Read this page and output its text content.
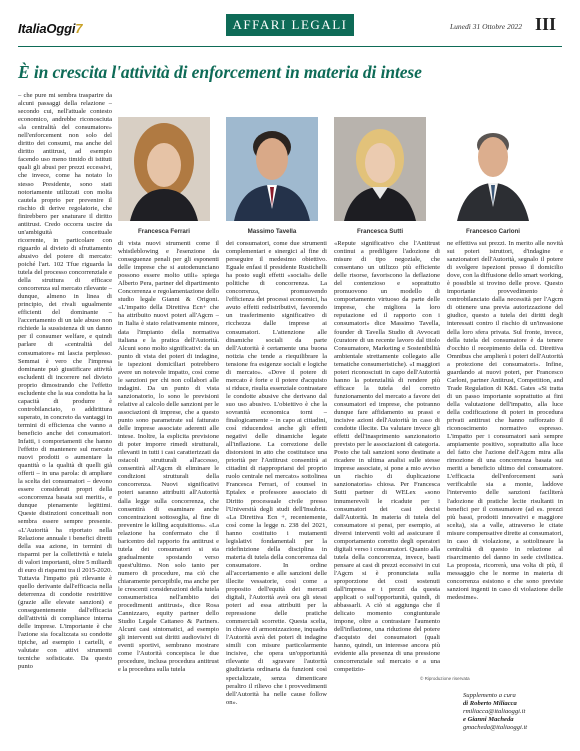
ItaliaOggi7	AFFARI LEGALI	Lunedì 31 Ottobre 2022 III
È in crescita l'attività di enforcement in materia di intese
Francesca Ferrari	Massimo Tavella	Francesca Sutti	Francesco Carloni

– che pure mi sembra trasparire da alcuni passaggi della relazione – secondo cui, nell'attuale contesto economico, andrebbe riconosciuta «la centralità del consumatore» nell'enforcement non solo del diritto dei consumi, ma anche del diritto antitrust, ad esempio facendo uso meno timido di istituti quali gli abusi per prezzi eccessivi, che invece, come ha notato lo stesso Presidente, sono stati notoriamente utilizzati con molta cautela proprio per prevenire il rischio di derive regolatorie, che finirebbero per snaturare il diritto antitrust. Credo occorra uscire da un'ambiguità concettuale ricorrente, in particolare con riguardo al divieto di sfruttamento abusivo del potere di mercato: poiché l'art. 102 Tfue riguarda la tutela del processo concorrenziale e della struttura di efficace concorrenza sul mercato rilevante – dunque, almeno in linea di principio, dei rivali ugualmente efficienti del dominante – l'accertamento di un tale abuso non richiede la sussistenza di un danno per il consumer welfare, e quindi parlare di «centralità del consumatore» mi lascia perplesso. Semmai è vero che l'impresa dominante può giustificare attività escludenti di incorrere nel divieto proprio dimostrando che l'effetto escludente che la sua condotta ha la capacità di produrre è controbilanciato, o addirittura superato, in concreto da vantaggi in termini di efficienza che vanno a beneficio anche dei consumatori. Infatti, i comportamenti che hanno l'effetto di mantenere sul mercato nuovi prodotti o aumentare la quantità o la qualità di quelli già offerti – in una parola: di ampliare la scelta dei consumatori – devono essere considerati propri della «concorrenza basata sui meriti», e dunque pienamente legittimi. Queste distinzioni concettuali non sembra essere sempre presente. «L'Autorità ha riportato nella Relazione annuale i benefici diretti della sua azione, in termini di risparmi per la collettività e tutela di valori importanti, oltre 5 miliardi di euro di risparmi tra il 2015-2020. Tuttavia l'impatto più rilevante è quello derivante dall'efficacia nella deterrenza di condotte restrittive (grazie alle elevate sanzioni) e conseguentemente dall'efficacia dell'attività di compliance interna delle imprese. L'importante è che l'azione sia focalizzata su condotte tipiche, ad esempio i cartelli, e valutate con attivi strumenti tecniche sofisticate. Da questo punto

di vista nuovi strumenti come il whistleblowing e l'esenzione da conseguenze penali per gli esponenti delle imprese che si autodenunciano possono essere molto utili» spiega Alberto Pera, partner del dipartimento Concorrenza e regolamentazione dello studio legale Gianni & Origoni. «L'impatto della Direttiva Ecn+ che ha attribuito nuovi poteri all'Agcm – in Italia è stato relativamente minore, data l'impianto della normativa italiana e la pratica dell'Autorità. Alcuni sono molto significativi: da un punto di vista dei poteri di indagine, le ispezioni domiciliari potrebbero avere un notevole impatto, così come le sanzioni per chi non collabori alle indagini. Da un punto di vista sanzionatorio, lo sono le previsioni relative al calcolo delle sanzioni per le associazioni di imprese, che a questo punto sono parametrate sul fatturato delle imprese associate aderenti alle intese. Inoltre, la esplicita previsione di poter imporre rimedi strutturali, rilevanti in tutti i casi caratterizzati da ostacoli strutturali all'accesso, consentirà all'Agcm di eliminare le condizioni strutturali della concorrenza. Nuovi significativi poteri saranno attribuiti all'Autorità dalla legge sulla concorrenza, che consentirà di esaminare anche concentrazioni sottosoglia, al fine di prevenire le killing acquisitions». «La relazione ha confermato che il baricentro del rapporto fra antitrust e tutela dei consumatori si sta gradualmente spostando verso quest'ultimo. Non solo tanto per numero di procedure, ma ciò che chiaramente percepibile, ma anche per le crescenti considerazioni della tutela consumeristica nell'ambito dei procedimenti antitrust», dice Rosa Cannizzaro, equity partner dello Studio Legale Cattaneo & Partners. Alcuni casi sintomatici, ad esempio gli interventi sui diritti audiovisivi di eventi sportivi, sembrano mostrare come l'Autorità concepisca le due procedure, inclusa procedura antitrust e la procedura sulla tutela

dei consumatori, come due strumenti complementari e sinergici al fine di perseguire il medesimo obiettivo. Eguale enfasi il presidente Rustichelli ha posto sugli effetti «sociali» delle politiche di concorrenza. La concorrenza, promuovendo l'efficienza dei processi economici, ha avuto effetti redistributivi, favorendo un trasferimento significativo di ricchezza dalle imprese ai consumatori. L'attenzione alle dinamiche sociali da parte dell'Autorità è certamente una buona notizia che tende a riequilibrare la tensione fra esigenze sociali e logiche di mercato». «Dove il potere di mercato è forte e il potere d'acquisto si riduce, risulta essenziale contrastare le condotte abusive che derivano dal suo uso abusivo. L'obiettivo è che la sovranità economica torni – finalogicamente – in capo ai cittadini, così riducendosi anche gli effetti negativi delle dinamiche legate all'inflazione. La correzione delle distorsioni in atto che costituisce una priorità per l'Antitrust consentirà ai cittadini di riappropriarsi del proprio ruolo centrale nel mercato» sottolinea Francesca Ferrari, of counsel in Eptalex e professore associato di Diritto processuale civile presso l'Università degli studi dell'Insubria. «La Direttiva Ecn +, recentemente, così come la legge n. 238 del 2021, hanno costituito i mutamenti legislativi fondamentali per la ridefinizione della disciplina in materia di tutela della concorrenza dal consumatore. In ordine all'accertamento e alle sanzioni delle illecite vessatorie, così come a proposito dell'equità dei mercati digitali, l'Autorità avrà ora gli stessi poteri ad essa attribuiti per la repressione delle pratiche commerciali scorrette. Questa scelta, in chiave di armonizzazione, inquadra l'Autorità avrà dei poteri di indagine simili con misure particolarmente incisive, che opera un'opportunità rilevante di sgravare l'autorità giudiziaria ordinaria da funzioni così specializzate, senza dimenticare peraltro il rilievo che i provvedimenti dell'Autorità ha nelle cause follow on».

«Repute significativo che l'Antitrust continui a prediligere l'adozione di misure di tipo negoziale, che consentano un utilizzo più efficiente delle risorse, favoriscono la deflazione del contenzioso e soprattutto promuovono un modello di comportamento virtuoso da parte delle imprese, che migliora la loro reputazione ed il rapporto con i consumatori» dice Massimo Tavella, founder di Tavella Studio di Avvocati (curatore di un recente lavoro dal titolo Consumatore, Marketing e Sostenibilità ambientale strettamente collegato alle tematiche consumeristiche). «I maggiori poteri riconosciuti in capo dell'Autorità hanno la potenzialità di rendere più efficace la tutela del corretto funzionamento del mercato a favore dei consumatori ed imprese, che potranno dunque fare affidamento su prassi e incisive azioni dell'Autorità in caso di condotte illecite. Da valutare invece gli effetti dell'inasprimento sanzionatorio previsto per le associazioni di categoria. Posto che tali sanzioni sono destinate a ricadere in ultima analisi sulle stesse imprese associate, si pone a mio avviso un rischio di duplicazione sanzionatoria» chiosa. Per Francesca Sutti partner di WELex «sono innumerevoli le ricadute per i consumatori dei casi decisi dall'Autorità. In materia di tutela del consumatore si pensi, per esempio, ai diversi interventi volti ad assicurare il comportamento corretto degli operatori digitali verso i consumatori. Quanto alla tutela della concorrenza, invece, basti pensare ai casi di prezzi eccessivi in cui l'Agcm si è pronunciata sulla sproporzione dei costi sostenuti dall'impresa e i prezzi da questa applicati o sull'opportunità, quindi, di abbassarli. A ciò si aggiunga che il delicato momento congiunturale impone, oltre a contrastare l'aumento dell'inflazione, una riduzione del potere d'acquisto dei consumatori (quali hanno, quindi, un interesse ancora più evidente alla presenza di una pressione concorrenziale sul mercato e a una competizio-

ne effettiva sui prezzi. In merito alle novità sui poteri istruttori, d'indagine e sanzionatori dell'Autorità, segnalo il potere di svolgere ispezioni presso il domicilio dove, con la diffusione dello smart working, è possibile si trovino delle prove. Questo importante provvedimento è controbilanciato dalla necessità per l'Agcm di ottenere una previa autorizzazione del giudice, questo a tutela dei diritti degli interessati contro il rischio di un'invasione della loro sfera privata. Sul fronte, invece, della tutela del consumatore è da tenere d'occhio il recepimento della cd. Direttiva Omnibus che amplierà i poteri dell'Autorità a protezione dei consumatori». Infine, guardando ai nuovi poteri, per Francesco Carloni, partner Antitrust, Competition, and Trade Regulation di K&L Gates «Si tratta di un passo importante soprattutto ai fini della valutazione dell'impatto, alla luce della codificazione di poteri in procedura privati antitrust che hanno rafforzato il riconoscimento normativo espresso. L'impatto per i consumatori sarà sempre ampiamente positivo, soprattutto alla luce del fatto che l'azione dell'Agcm mira alla rimozione di una concorrenza basata sui meriti a beneficio ultimo del consumatore. L'efficacia dell'enforcement sarà verificabile sia a monte, laddove l'intervento delle sanzioni faciliterà l'adozione di pratiche lecite risultanti in benefici per il consumatore (ad es. prezzi più bassi, prodotti innovativi e maggiore scelta), sia a valle, attraverso le citate misure compensative dirette ai consumatori, in caso di violazione, a sottolineare la centralità di questo in relazione al risarcimento del danno in sede civilistica. La proposta, ricorrerà, una volta di più, il messaggio che le norme in materia di concorrenza esistono e che sono previste sanzioni ingenti in caso di violazione delle medesime».

© Riproduzione riservata
Supplemento a cura
di Roberto Miliacca
rmiliacca@italiaoggi.it
e Gianni Macheda
gmacheda@italiaoggi.it
